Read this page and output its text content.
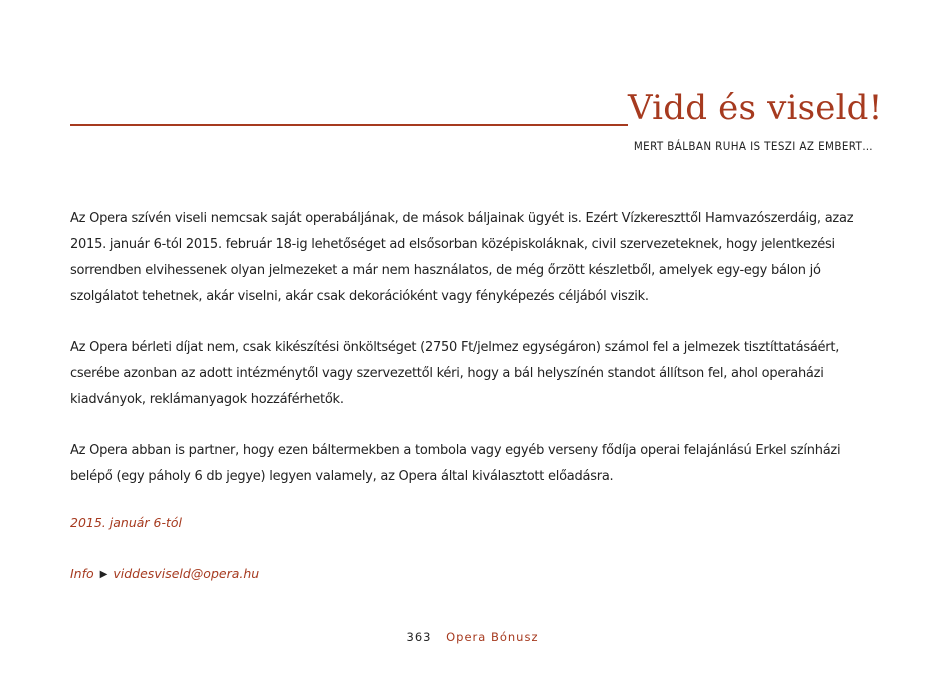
Vidd és viseld!
MERT BÁLBAN RUHA IS TESZI AZ EMBERT…

Az Opera szívén viseli nemcsak saját operabáljának, de mások báljainak ügyét is. Ezért Vízkereszttől Hamvazószerdáig, azaz 2015. január 6-tól 2015. február 18-ig lehetőséget ad elsősorban középiskoláknak, civil szervezeteknek, hogy jelentkezési sorrendben elvihessenek olyan jelmezeket a már nem használatos, de még őrzött készletből, amelyek egy-egy bálon jó szolgálatot tehetnek, akár viselni, akár csak dekorációként vagy fényképezés céljából viszik.

Az Opera bérleti díjat nem, csak kikészítési önköltséget (2750 Ft/jelmez egységáron) számol fel a jelmezek tisztíttatásáért, cserébe azonban az adott intézménytől vagy szervezettől kéri, hogy a bál helyszínén standot állítson fel, ahol operaházi kiadványok, reklámanyagok hozzáférhetők.

Az Opera abban is partner, hogy ezen báltermekben a tombola vagy egyéb verseny fődíja operai felajánlású Erkel színházi belépő (egy páholy 6 db jegye) legyen valamely, az Opera által kiválasztott előadásra.

2015. január 6-tól
Info ▶ viddesviseld@opera.hu
363 Opera Bónusz
